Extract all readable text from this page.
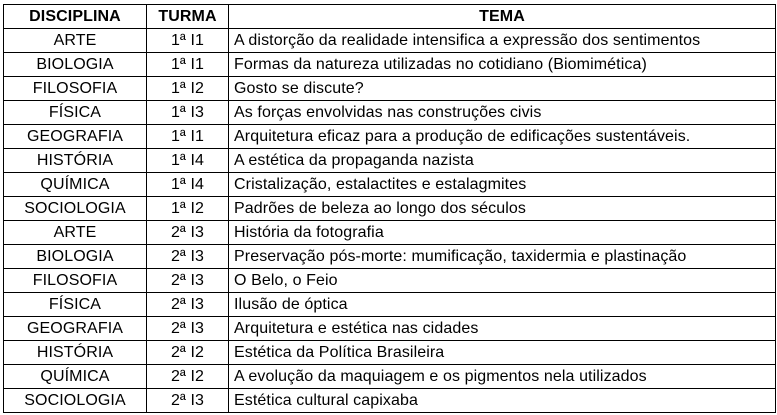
DISCIPLINA	TURMA	TEMA
ARTE	1ª I1	A distorção da realidade intensifica a expressão dos sentimentos
BIOLOGIA	1ª I1	Formas da natureza utilizadas no cotidiano (Biomimética)
FILOSOFIA	1ª I2	Gosto se discute?
FÍSICA	1ª I3	As forças envolvidas nas construções civis
GEOGRAFIA	1ª I1	Arquitetura eficaz para a produção de edificações sustentáveis.
HISTÓRIA	1ª I4	A estética da propaganda nazista
QUÍMICA	1ª I4	Cristalização, estalactites e estalagmites
SOCIOLOGIA	1ª I2	Padrões de beleza ao longo dos séculos
ARTE	2ª I3	História da fotografia
BIOLOGIA	2ª I3	Preservação pós-morte: mumificação, taxidermia e plastinação
FILOSOFIA	2ª I3	O Belo, o Feio
FÍSICA	2ª I3	Ilusão de óptica
GEOGRAFIA	2ª I3	Arquitetura e estética nas cidades
HISTÓRIA	2ª I2	Estética da Política Brasileira
QUÍMICA	2ª I2	A evolução da maquiagem e os pigmentos nela utilizados
SOCIOLOGIA	2ª I3	Estética cultural capixaba
